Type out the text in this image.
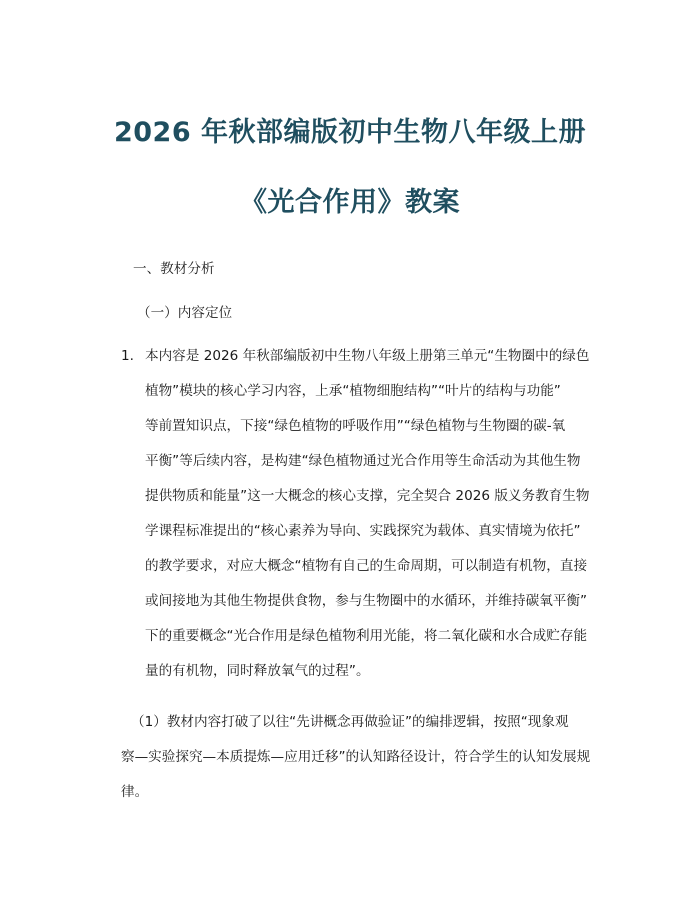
2026 年秋部编版初中生物八年级上册
《光合作用》教案
一、教材分析
（一）内容定位
1. 本内容是 2026 年秋部编版初中生物八年级上册第三单元“生物圈中的绿色
植物”模块的核心学习内容，上承“植物细胞结构”“叶片的结构与功能”
等前置知识点，下接“绿色植物的呼吸作用”“绿色植物与生物圈的碳-氧
平衡”等后续内容，是构建“绿色植物通过光合作用等生命活动为其他生物
提供物质和能量”这一大概念的核心支撑，完全契合 2026 版义务教育生物
学课程标准提出的“核心素养为导向、实践探究为载体、真实情境为依托”
的教学要求，对应大概念“植物有自己的生命周期，可以制造有机物，直接
或间接地为其他生物提供食物，参与生物圈中的水循环，并维持碳氧平衡”
下的重要概念“光合作用是绿色植物利用光能，将二氧化碳和水合成贮存能
量的有机物，同时释放氧气的过程”。
（1）教材内容打破了以往“先讲概念再做验证”的编排逻辑，按照“现象观
察—实验探究—本质提炼—应用迁移”的认知路径设计，符合学生的认知发展规
律。
